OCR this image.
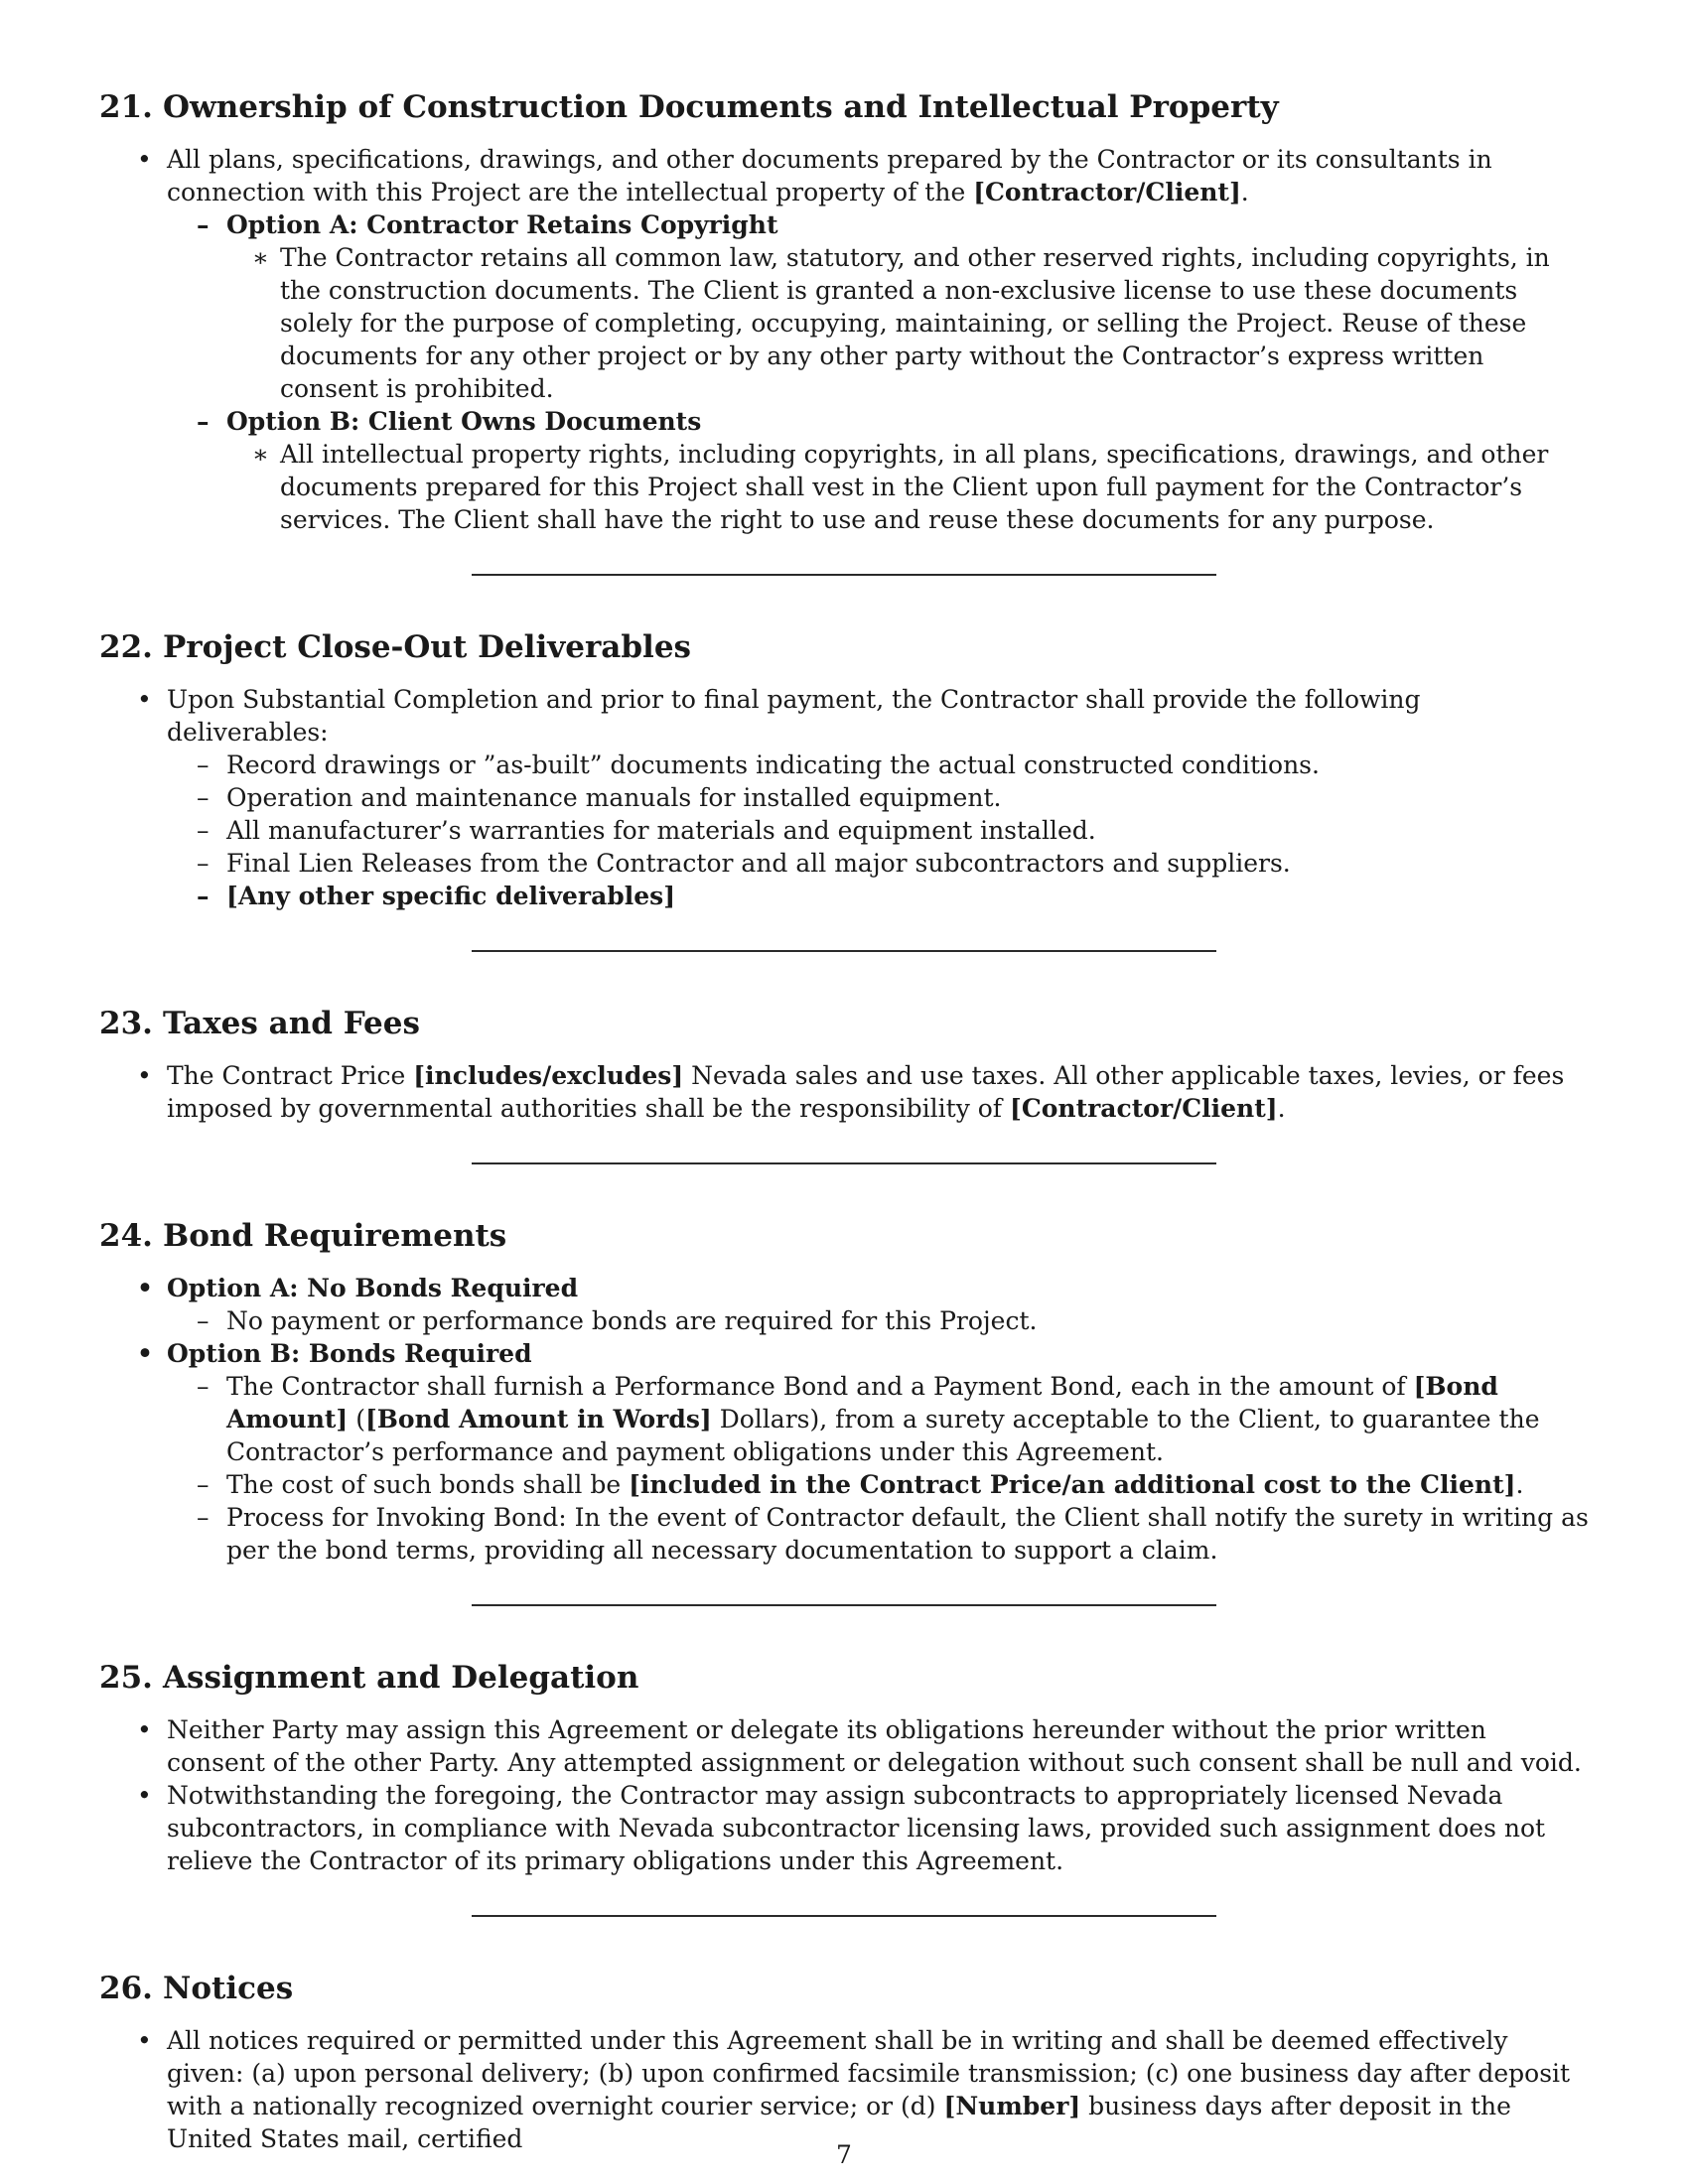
21. Ownership of Construction Documents and Intellectual Property
• All plans, specifications, drawings, and other documents prepared by the Contractor or its consultants in connection with this Project are the intellectual property of the [Contractor/Client].
– Option A: Contractor Retains Copyright
∗ The Contractor retains all common law, statutory, and other reserved rights, including copyrights, in the construction documents. The Client is granted a non-exclusive license to use these documents solely for the purpose of completing, occupying, maintaining, or selling the Project. Reuse of these documents for any other project or by any other party without the Contractor’s express written consent is prohibited.
– Option B: Client Owns Documents
∗ All intellectual property rights, including copyrights, in all plans, specifications, drawings, and other documents prepared for this Project shall vest in the Client upon full payment for the Contractor’s services. The Client shall have the right to use and reuse these documents for any purpose.
22. Project Close-Out Deliverables
• Upon Substantial Completion and prior to final payment, the Contractor shall provide the following deliverables:
– Record drawings or ”as-built” documents indicating the actual constructed conditions.
– Operation and maintenance manuals for installed equipment.
– All manufacturer’s warranties for materials and equipment installed.
– Final Lien Releases from the Contractor and all major subcontractors and suppliers.
– [Any other specific deliverables]
23. Taxes and Fees
• The Contract Price [includes/excludes] Nevada sales and use taxes. All other applicable taxes, levies, or fees imposed by governmental authorities shall be the responsibility of [Contractor/Client].
24. Bond Requirements
• Option A: No Bonds Required
– No payment or performance bonds are required for this Project.
• Option B: Bonds Required
– The Contractor shall furnish a Performance Bond and a Payment Bond, each in the amount of [Bond Amount] ([Bond Amount in Words] Dollars), from a surety acceptable to the Client, to guarantee the Contractor’s performance and payment obligations under this Agreement.
– The cost of such bonds shall be [included in the Contract Price/an additional cost to the Client].
– Process for Invoking Bond: In the event of Contractor default, the Client shall notify the surety in writing as per the bond terms, providing all necessary documentation to support a claim.
25. Assignment and Delegation
• Neither Party may assign this Agreement or delegate its obligations hereunder without the prior written consent of the other Party. Any attempted assignment or delegation without such consent shall be null and void.
• Notwithstanding the foregoing, the Contractor may assign subcontracts to appropriately licensed Nevada subcontractors, in compliance with Nevada subcontractor licensing laws, provided such assignment does not relieve the Contractor of its primary obligations under this Agreement.
26. Notices
• All notices required or permitted under this Agreement shall be in writing and shall be deemed effectively given: (a) upon personal delivery; (b) upon confirmed facsimile transmission; (c) one business day after deposit with a nationally recognized overnight courier service; or (d) [Number] business days after deposit in the United States mail, certified
7
